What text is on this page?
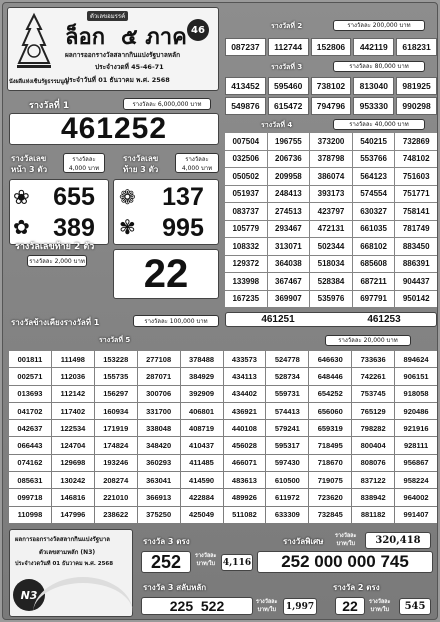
นั่งผลี่แห่งเซ็นรัฐธรรมนูญ
ตัวเลขอมรรค์
ล็อก ๕ ภาค 46
ผลการออกรางวัลสลากกินแบ่งรัฐบาลหลัก
ประจำงวดที่ 45-46-71
ประจำวันที่ 01 ธันวาคม พ.ศ. 2568
รางวัลที่ 1	รางวัลละ 6,000,000 บาท
461252
รางวัลเลข
หน้า 3 ตัว
รางวัลละ
4,000 บาท
รางวัลเลข
ท้าย 3 ตัว
รางวัลละ
4,000 บาท
❀
✿
655
389
❁
✾
137
995
รางวัลเลขท้าย 2 ตัว
รางวัลละ 2,000 บาท	22
รางวัลข้างเคียงรางวัลที่ 1	รางวัลละ 100,000 บาท
รางวัลที่ 2	รางวัลละ 200,000 บาท
087237	112744	152806	442119	618231
รางวัลที่ 3	รางวัลละ 80,000 บาท
413452	595460	738102	813040	981925
549876	615472	794796	953330	990298
รางวัลที่ 4	รางวัลละ 40,000 บาท
007504	196755	373200	540215	732869
032506	206736	378798	553766	748102
050502	209958	386074	564123	751603
051937	248413	393173	574554	751771
083737	274513	423797	630327	758141
105779	293467	472131	661035	781749
108332	313071	502344	668102	883450
129372	364038	518034	685608	886391
133998	367467	528384	687211	904437
167235	369907	535976	697791	950142
461251	461253
รางวัลที่ 5	รางวัลละ 20,000 บาท
001811	111498	153228	277108	378488	433573	524778	646630	733636	894624
002571	112036	155735	287071	384929	434113	528734	648446	742261	906151
013693	112142	156297	300706	392909	434402	559731	654252	753745	918058
041702	117402	160934	331700	406801	436921	574413	656060	765129	920486
042637	122534	171919	338048	408719	440108	579241	659319	798282	921916
066443	124704	174824	348420	410437	456028	595317	718495	800404	928111
074162	129698	193246	360293	411485	466071	597430	718670	808076	956867
085631	130242	208274	363041	414590	483613	610500	719075	837122	958224
099718	146816	221010	366913	422884	489926	611972	723620	838942	964002
110998	147996	238622	375250	425049	511082	633309	732845	881182	991407
ผลการออกรางวัลสลากกินแบ่งรัฐบาล
ตัวเลขสามหลัก (N3)
ประจำงวดวันที่ 01 ธันวาคม พ.ศ. 2568
N3
รางวัล 3 ตรง
252	รางวัลละ
บาท/ใบ 4,116
รางวัลพิเศษ
รางวัลละ
บาท/ใบ	320,418
252 000 000 745
รางวัล 3 สลับหลัก
225  522	รางวัลละ
บาท/ใบ	1,997
รางวัล 2 ตรง
22	รางวัลละ
บาท/ใบ	545
